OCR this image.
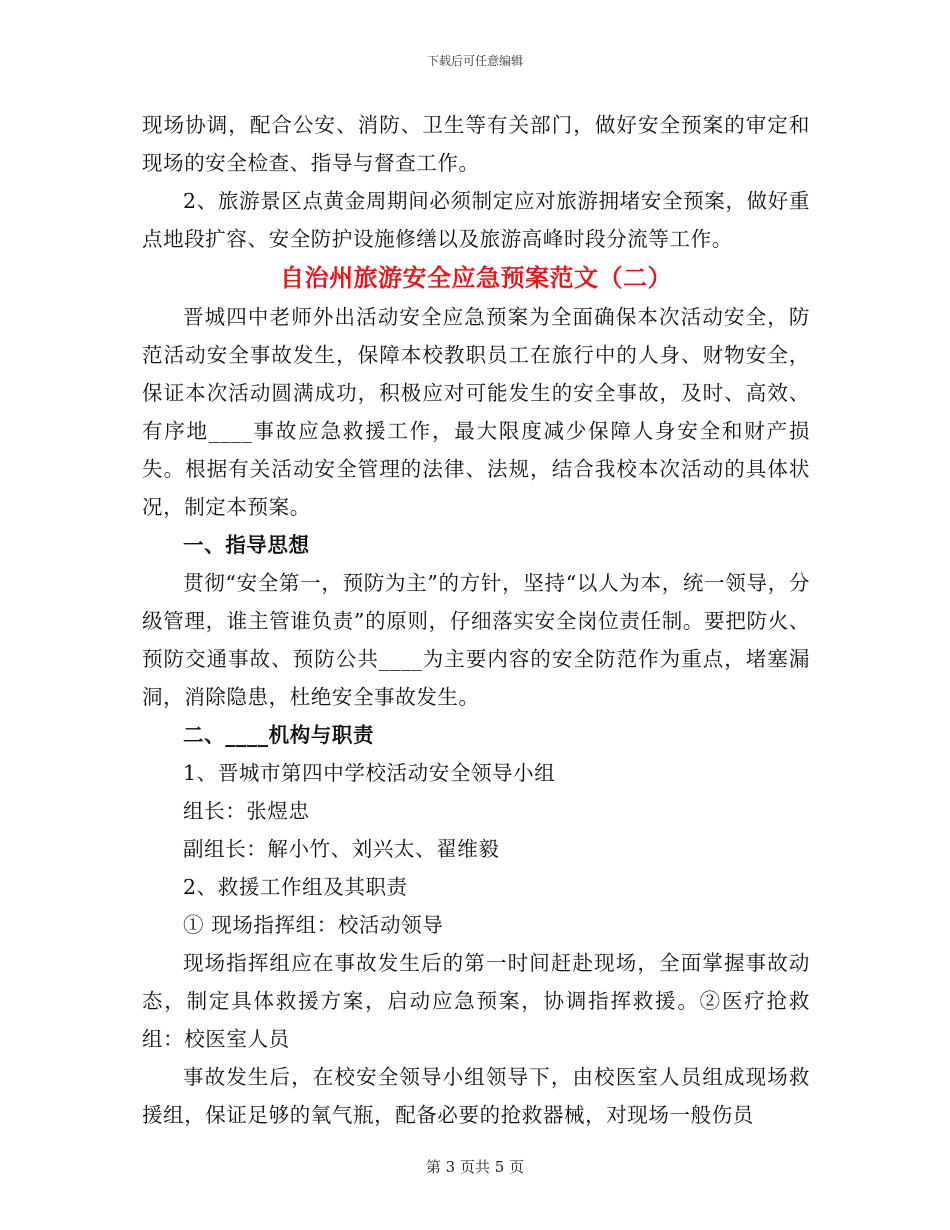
下载后可任意编辑

现场协调，配合公安、消防、卫生等有关部门，做好安全预案的审定和现场的安全检查、指导与督查工作。

2、旅游景区点黄金周期间必须制定应对旅游拥堵安全预案，做好重点地段扩容、安全防护设施修缮以及旅游高峰时段分流等工作。

自治州旅游安全应急预案范文（二）

晋城四中老师外出活动安全应急预案为全面确保本次活动安全，防范活动安全事故发生，保障本校教职员工在旅行中的人身、财物安全，保证本次活动圆满成功，积极应对可能发生的安全事故，及时、高效、有序地____事故应急救援工作，最大限度减少保障人身安全和财产损失。根据有关活动安全管理的法律、法规，结合我校本次活动的具体状况，制定本预案。

一、指导思想

贯彻“安全第一，预防为主”的方针，坚持“以人为本，统一领导，分级管理，谁主管谁负责”的原则，仔细落实安全岗位责任制。要把防火、预防交通事故、预防公共____为主要内容的安全防范作为重点，堵塞漏洞，消除隐患，杜绝安全事故发生。

二、____机构与职责

1、晋城市第四中学校活动安全领导小组

组长：张煜忠

副组长：解小竹、刘兴太、翟维毅

2、救援工作组及其职责

① 现场指挥组：校活动领导

现场指挥组应在事故发生后的第一时间赶赴现场，全面掌握事故动态，制定具体救援方案，启动应急预案，协调指挥救援。②医疗抢救组：校医室人员

事故发生后，在校安全领导小组领导下，由校医室人员组成现场救援组，保证足够的氧气瓶，配备必要的抢救器械，对现场一般伤员

第 3 页共 5 页
